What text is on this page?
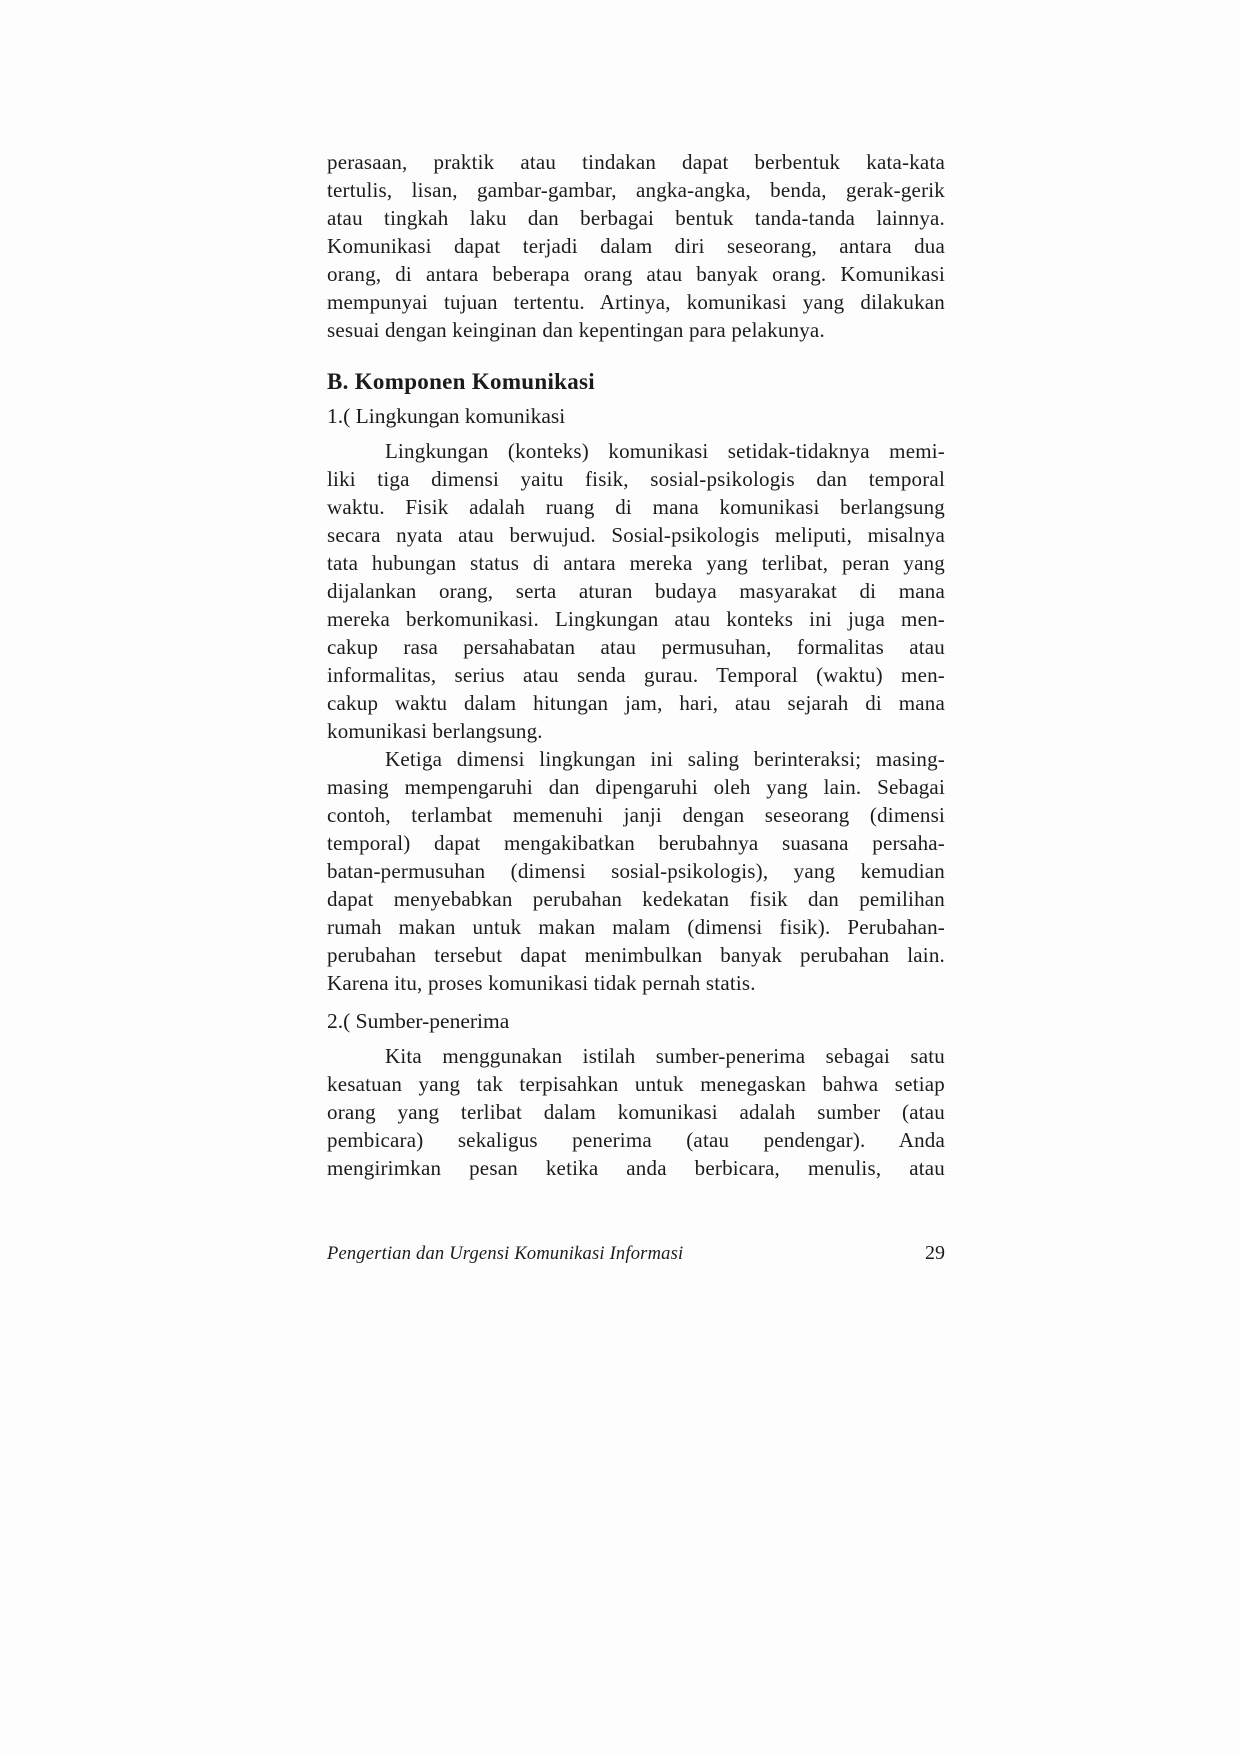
perasaan, praktik atau tindakan dapat berbentuk kata-kata
tertulis, lisan, gambar-gambar, angka-angka, benda, gerak-gerik
atau tingkah laku dan berbagai bentuk tanda-tanda lainnya.
Komunikasi dapat terjadi dalam diri seseorang, antara dua
orang, di antara beberapa orang atau banyak orang. Komunikasi
mempunyai tujuan tertentu. Artinya, komunikasi yang dilakukan
sesuai dengan keinginan dan kepentingan para pelakunya.
B. Komponen Komunikasi
1.( Lingkungan komunikasi
Lingkungan (konteks) komunikasi setidak-tidaknya memi-
liki tiga dimensi yaitu fisik, sosial-psikologis dan temporal
waktu. Fisik adalah ruang di mana komunikasi berlangsung
secara nyata atau berwujud. Sosial-psikologis meliputi, misalnya
tata hubungan status di antara mereka yang terlibat, peran yang
dijalankan orang, serta aturan budaya masyarakat di mana
mereka berkomunikasi. Lingkungan atau konteks ini juga men-
cakup rasa persahabatan atau permusuhan, formalitas atau
informalitas, serius atau senda gurau. Temporal (waktu) men-
cakup waktu dalam hitungan jam, hari, atau sejarah di mana
komunikasi berlangsung.
Ketiga dimensi lingkungan ini saling berinteraksi; masing-
masing mempengaruhi dan dipengaruhi oleh yang lain. Sebagai
contoh, terlambat memenuhi janji dengan seseorang (dimensi
temporal) dapat mengakibatkan berubahnya suasana persaha-
batan-permusuhan (dimensi sosial-psikologis), yang kemudian
dapat menyebabkan perubahan kedekatan fisik dan pemilihan
rumah makan untuk makan malam (dimensi fisik). Perubahan-
perubahan tersebut dapat menimbulkan banyak perubahan lain.
Karena itu, proses komunikasi tidak pernah statis.
2.( Sumber-penerima
Kita menggunakan istilah sumber-penerima sebagai satu
kesatuan yang tak terpisahkan untuk menegaskan bahwa setiap
orang yang terlibat dalam komunikasi adalah sumber (atau
pembicara) sekaligus penerima (atau pendengar). Anda
mengirimkan pesan ketika anda berbicara, menulis, atau
Pengertian dan Urgensi Komunikasi Informasi	29
